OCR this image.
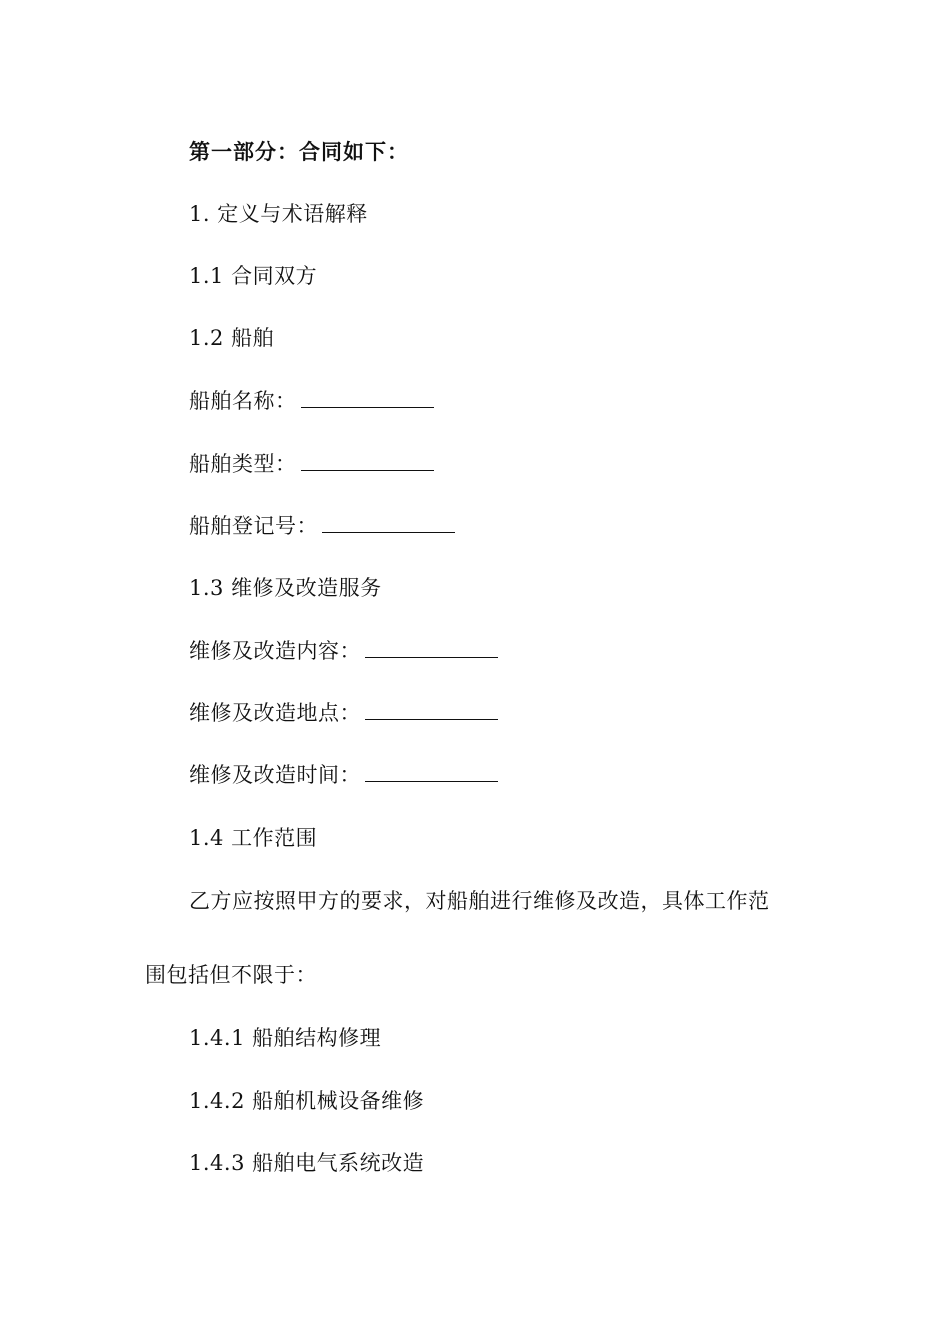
第一部分：合同如下：
1. 定义与术语解释
1.1 合同双方
1.2 船舶
船舶名称：
船舶类型：
船舶登记号：
1.3 维修及改造服务
维修及改造内容：
维修及改造地点：
维修及改造时间：
1.4 工作范围
乙方应按照甲方的要求，对船舶进行维修及改造，具体工作范
围包括但不限于：
1.4.1 船舶结构修理
1.4.2 船舶机械设备维修
1.4.3 船舶电气系统改造
